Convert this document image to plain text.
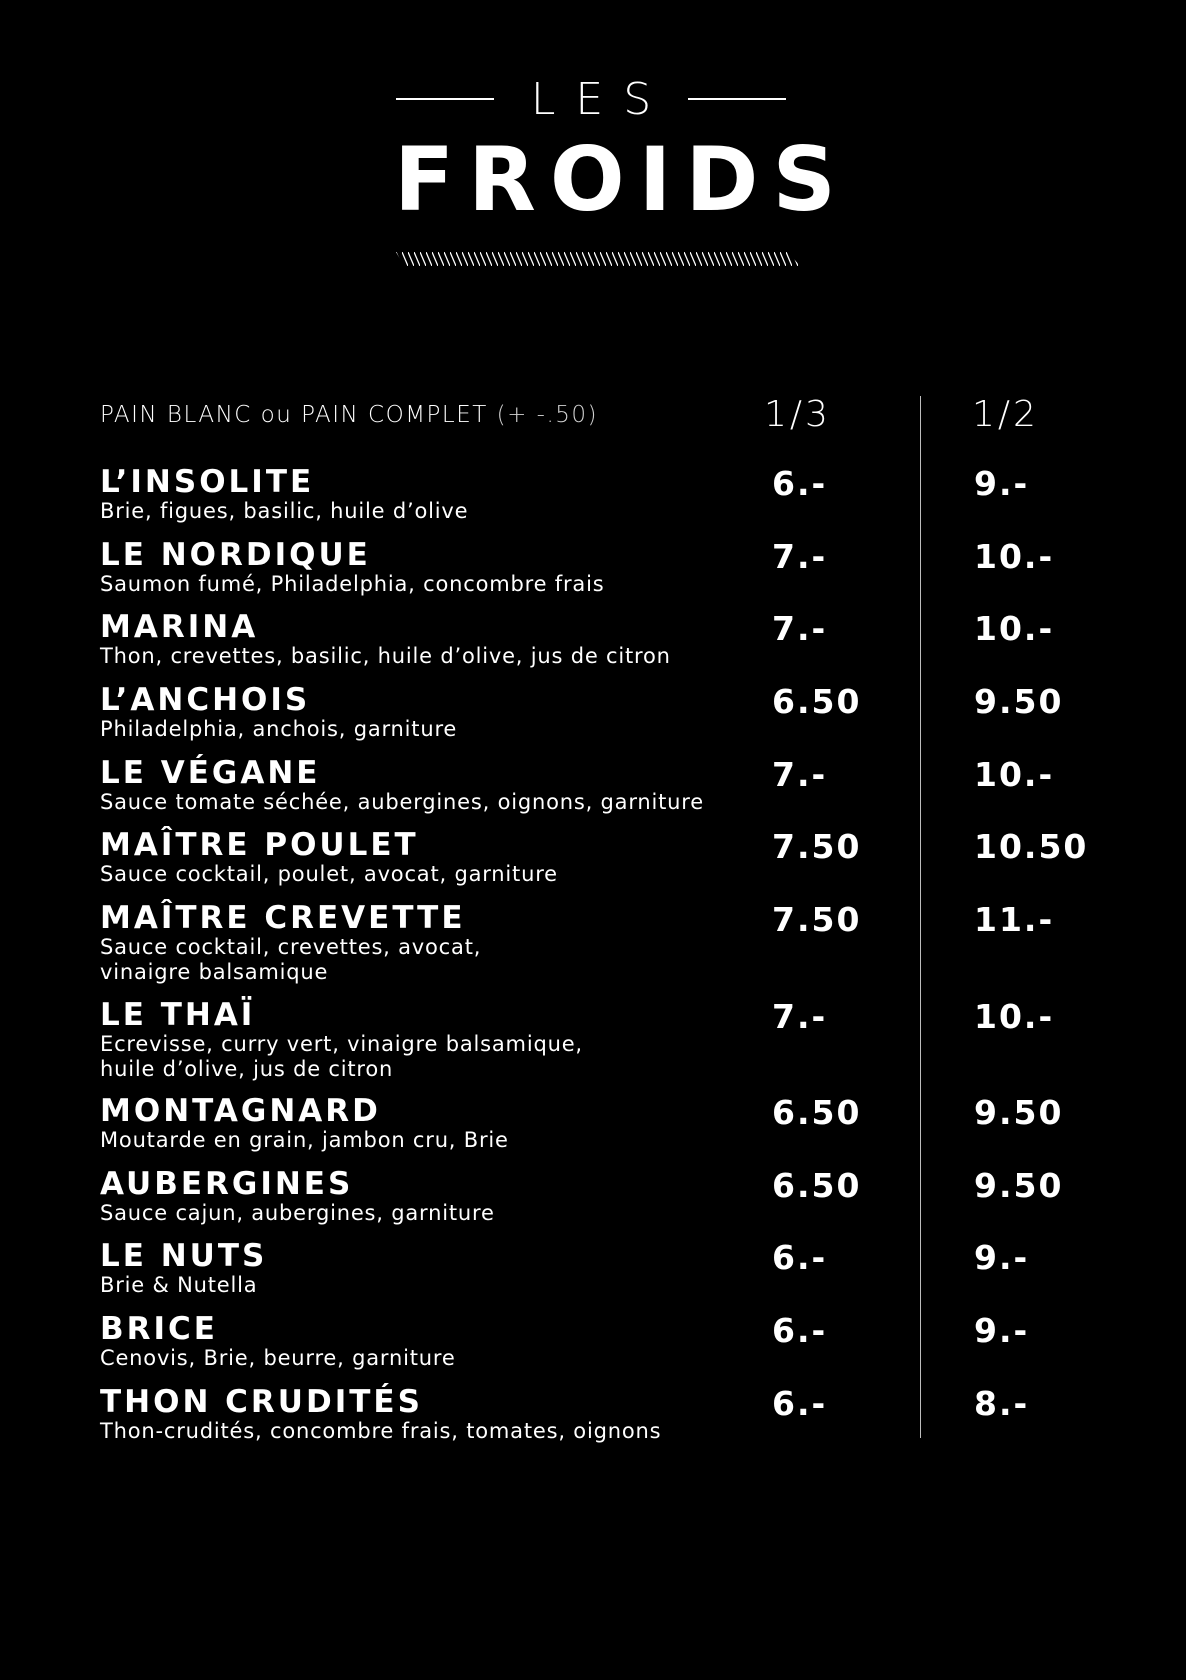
LES
FROIDS
PAIN BLANC ou PAIN COMPLET (+ -.50)	1/3	1/2
L’INSOLITE
Brie, figues, basilic, huile d’olive
6.-	9.-
LE NORDIQUE
Saumon fumé, Philadelphia, concombre frais
7.-	10.-
MARINA
Thon, crevettes, basilic, huile d’olive, jus de citron
7.-	10.-
L’ANCHOIS
Philadelphia, anchois, garniture
6.50	9.50
LE VÉGANE
Sauce tomate séchée, aubergines, oignons, garniture
7.-	10.-
MAÎTRE POULET
Sauce cocktail, poulet, avocat, garniture
7.50	10.50
MAÎTRE CREVETTE
Sauce cocktail, crevettes, avocat,
vinaigre balsamique
7.50	11.-
LE THAÏ
Ecrevisse, curry vert, vinaigre balsamique,
huile d’olive, jus de citron
7.-	10.-
MONTAGNARD
Moutarde en grain, jambon cru, Brie
6.50	9.50
AUBERGINES
Sauce cajun, aubergines, garniture
6.50	9.50
LE NUTS
Brie & Nutella
6.-	9.-
BRICE
Cenovis, Brie, beurre, garniture
6.-	9.-
THON CRUDITÉS
Thon-crudités, concombre frais, tomates, oignons
6.-	8.-
